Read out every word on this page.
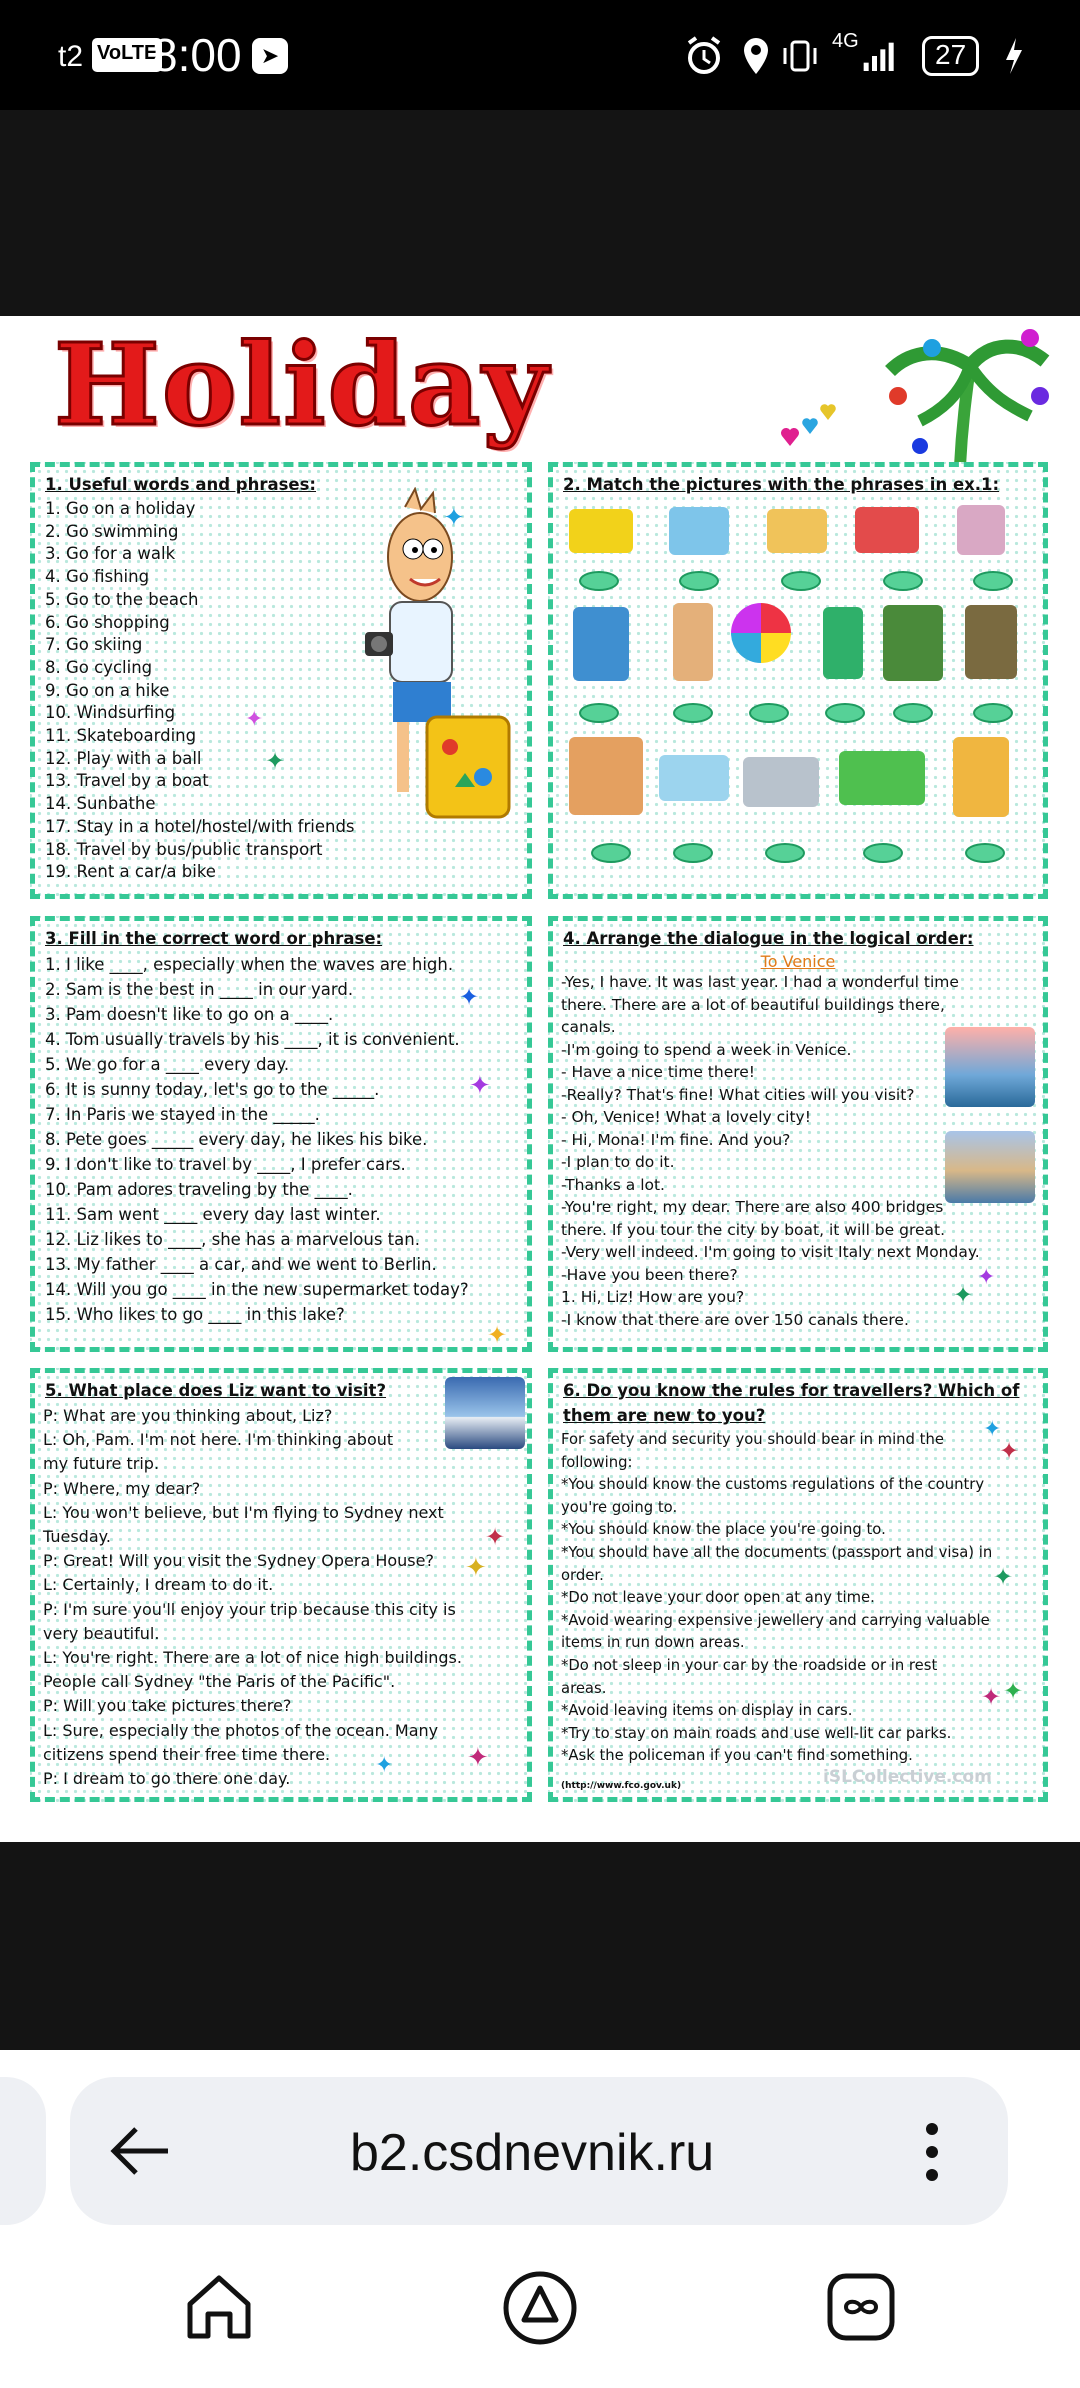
t2 VoLTE
8:00 ➤
4G	27
Holiday
1. Useful words and phrases:
1. Go on a holiday
2. Go swimming
3. Go for a walk
4. Go fishing
5. Go to the beach
6. Go shopping
7. Go skiing
8. Go cycling
9. Go on a hike
10. Windsurfing
11. Skateboarding
12. Play with a ball
13. Travel by a boat
14. Sunbathe
17. Stay in a hotel/hostel/with friends
18. Travel by bus/public transport
19. Rent a car/a bike
✦
✦
✦
2. Match the pictures with the phrases in ex.1:
3. Fill in the correct word or phrase:
1. I like ____, especially when the waves are high.
2. Sam is the best in ____ in our yard.
3. Pam doesn't like to go on a ____.
4. Tom usually travels by his ____, it is convenient.
5. We go for a ____ every day.
6. It is sunny today, let's go to the _____.
7. In Paris we stayed in the _____.
8. Pete goes _____ every day, he likes his bike.
9. I don't like to travel by ____, I prefer cars.
10. Pam adores traveling by the ____.
11. Sam went ____ every day last winter.
12. Liz likes to ____, she has a marvelous tan.
13. My father ____ a car, and we went to Berlin.
14. Will you go ____ in the new supermarket today?
15. Who likes to go ____ in this lake?
✦
✦
✦
4. Arrange the dialogue in the logical order:
To Venice
-Yes, I have. It was last year. I had a wonderful time
there. There are a lot of beautiful buildings there,
canals.
-I'm going to spend a week in Venice.
- Have a nice time there!
-Really? That's fine! What cities will you visit?
- Oh, Venice! What a lovely city!
- Hi, Mona! I'm fine. And you?
-I plan to do it.
-Thanks a lot.
-You're right, my dear. There are also 400 bridges
there. If you tour the city by boat, it will be great.
-Very well indeed. I'm going to visit Italy next Monday.
-Have you been there?
1. Hi, Liz! How are you?
-I know that there are over 150 canals there.
✦
✦
5. What place does Liz want to visit?
P: What are you thinking about, Liz?
L: Oh, Pam. I'm not here. I'm thinking about
my future trip.
P: Where, my dear?
L: You won't believe, but I'm flying to Sydney next
Tuesday.
P: Great! Will you visit the Sydney Opera House?
L: Certainly, I dream to do it.
P: I'm sure you'll enjoy your trip because this city is
very beautiful.
L: You're right. There are a lot of nice high buildings.
People call Sydney "the Paris of the Pacific".
P: Will you take pictures there?
L: Sure, especially the photos of the ocean. Many
citizens spend their free time there.
P: I dream to go there one day.
✦
✦
✦
✦
6. Do you know the rules for travellers? Which of
them are new to you?
For safety and security you should bear in mind the
following:
*You should know the customs regulations of the country
you're going to.
*You should know the place you're going to.
*You should have all the documents (passport and visa) in
order.
*Do not leave your door open at any time.
*Avoid wearing expensive jewellery and carrying valuable
items in run down areas.
*Do not sleep in your car by the roadside or in rest
areas.
*Avoid leaving items on display in cars.
*Try to stay on main roads and use well-lit car parks.
*Ask the policeman if you can't find something.
(http://www.fco.gov.uk)	iSLCollective.com
✦
✦
✦
✦ ✦
b2.csdnevnik.ru
